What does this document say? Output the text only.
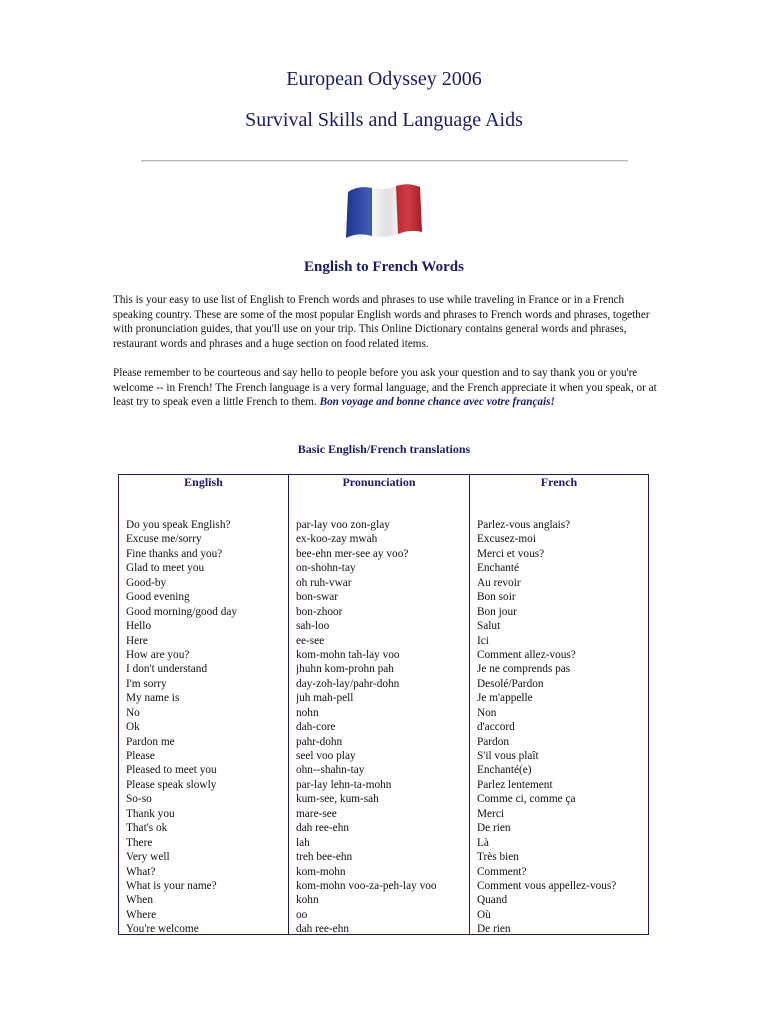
European Odyssey 2006
Survival Skills and Language Aids
English to French Words

This is your easy to use list of English to French words and phrases to use while traveling in France or in a French speaking country. These are some of the most popular English words and phrases to French words and phrases, together with pronunciation guides, that you'll use on your trip. This Online Dictionary contains general words and phrases, restaurant words and phrases and a huge section on food related items.

Please remember to be courteous and say hello to people before you ask your question and to say thank you or you're welcome -- in French! The French language is a very formal language, and the French appreciate it when you speak, or at least try to speak even a little French to them. Bon voyage and bonne chance avec votre français!

Basic English/French translations
English
Do you speak English?
Excuse me/sorry
Fine thanks and you?
Glad to meet you
Good-by
Good evening
Good morning/good day
Hello
Here
How are you?
I don't understand
I'm sorry
My name is
No
Ok
Pardon me
Please
Pleased to meet you
Please speak slowly
So-so
Thank you
That's ok
There
Very well
What?
What is your name?
When
Where
You're welcome
Pronunciation
par-lay voo zon-glay
ex-koo-zay mwah
bee-ehn mer-see ay voo?
on-shohn-tay
oh ruh-vwar
bon-swar
bon-zhoor
sah-loo
ee-see
kom-mohn tah-lay voo
jhuhn kom-prohn pah
day-zoh-lay/pahr-dohn
juh mah-pell
nohn
dah-core
pahr-dohn
seel voo play
ohn--shahn-tay
par-lay lehn-ta-mohn
kum-see, kum-sah
mare-see
dah ree-ehn
lah
treh bee-ehn
kom-mohn
kom-mohn voo-za-peh-lay voo
kohn
oo
dah ree-ehn
French
Parlez-vous anglais?
Excusez-moi
Merci et vous?
Enchanté
Au revoir
Bon soir
Bon jour
Salut
Ici
Comment allez-vous?
Je ne comprends pas
Desolé/Pardon
Je m'appelle
Non
d'accord
Pardon
S'il vous plaît
Enchanté(e)
Parlez lentement
Comme ci, comme ça
Merci
De rien
Là
Très bien
Comment?
Comment vous appellez-vous?
Quand
Où
De rien
